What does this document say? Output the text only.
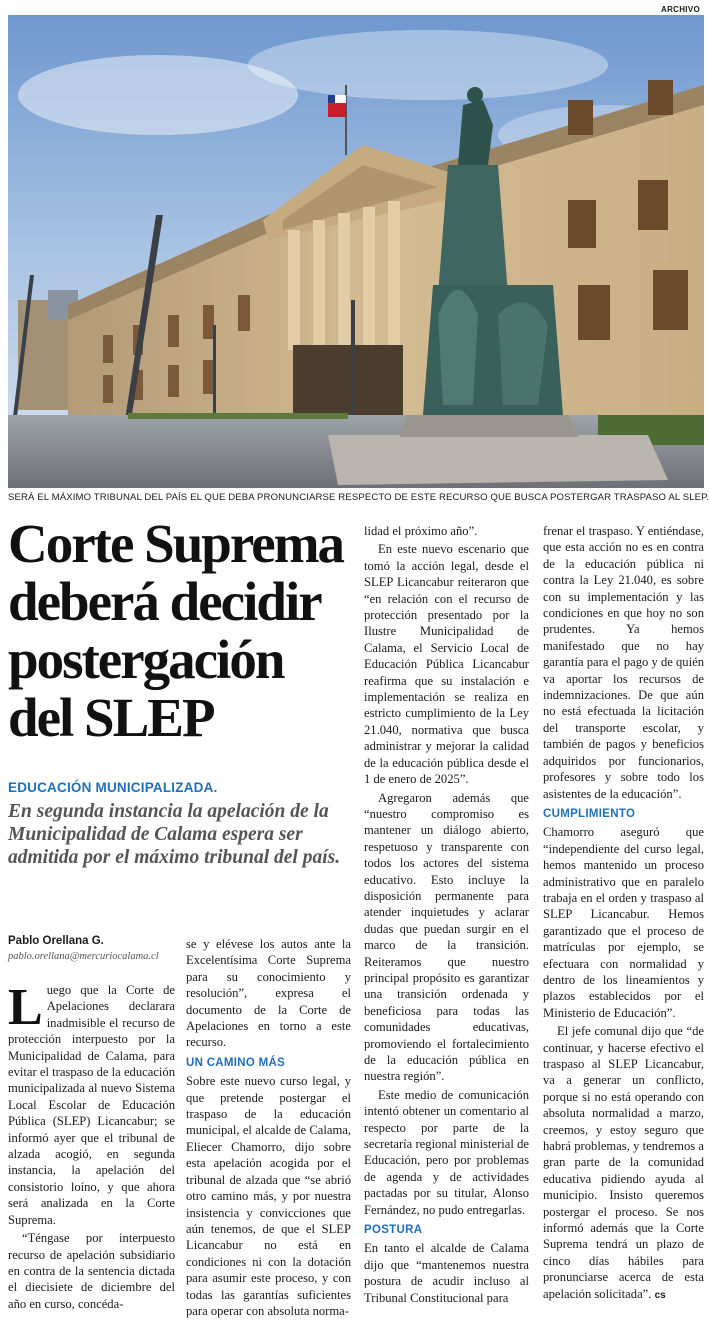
ARCHIVO
SERÁ EL MÁXIMO TRIBUNAL DEL PAÍS EL QUE DEBA PRONUNCIARSE RESPECTO DE ESTE RECURSO QUE BUSCA POSTERGAR TRASPASO AL SLEP.
Corte Suprema deberá decidir postergación del SLEP
EDUCACIÓN MUNICIPALIZADA.
En segunda instancia la apelación de la Municipalidad de Calama espera ser admitida por el máximo tribunal del país.
Pablo Orellana G.
pablo.orellana@mercuriocalama.cl

Luego que la Corte de Apelaciones declarara inadmisible el recurso de protección interpuesto por la Municipalidad de Calama, para evitar el traspaso de la educación municipalizada al nuevo Sistema Local Escolar de Educación Pública (SLEP) Licancabur; se informó ayer que el tribunal de alzada acogió, en segunda instancia, la apelación del consistorio loíno, y que ahora será analizada en la Corte Suprema.

“Téngase por interpuesto recurso de apelación subsidiario en contra de la sentencia dictada el diecisiete de diciembre del año en curso, concéda-

se y elévese los autos ante la Excelentísima Corte Suprema para su conocimiento y resolución”, expresa el documento de la Corte de Apelaciones en torno a este recurso.

UN CAMINO MÁS

Sobre este nuevo curso legal, y que pretende postergar el traspaso de la educación municipal, el alcalde de Calama, Eliecer Chamorro, dijo sobre esta apelación acogida por el tribunal de alzada que “se abrió otro camino más, y por nuestra insistencia y convicciones que aún tenemos, de que el SLEP Licancabur no está en condiciones ni con la dotación para asumir este proceso, y con todas las garantías suficientes para operar con absoluta norma-

lidad el próximo año”.

En este nuevo escenario que tomó la acción legal, desde el SLEP Licancabur reiteraron que “en relación con el recurso de protección presentado por la Ilustre Municipalidad de Calama, el Servicio Local de Educación Pública Licancabur reafirma que su instalación e implementación se realiza en estricto cumplimiento de la Ley 21.040, normativa que busca administrar y mejorar la calidad de la educación pública desde el 1 de enero de 2025”.

Agregaron además que “nuestro compromiso es mantener un diálogo abierto, respetuoso y transparente con todos los actores del sistema educativo. Esto incluye la disposición permanente para atender inquietudes y aclarar dudas que puedan surgir en el marco de la transición. Reiteramos que nuestro principal propósito es garantizar una transición ordenada y beneficiosa para todas las comunidades educativas, promoviendo el fortalecimiento de la educación pública en nuestra región”.

Este medio de comunicación intentó obtener un comentario al respecto por parte de la secretaría regional ministerial de Educación, pero por problemas de agenda y de actividades pactadas por su titular, Alonso Fernández, no pudo entregarlas.

POSTURA

En tanto el alcalde de Calama dijo que “mantenemos nuestra postura de acudir incluso al Tribunal Constitucional para

frenar el traspaso. Y entiéndase, que esta acción no es en contra de la educación pública ni contra la Ley 21.040, es sobre con su implementación y las condiciones en que hoy no son prudentes. Ya hemos manifestado que no hay garantía para el pago y de quién va aportar los recursos de indemnizaciones. De que aún no está efectuada la licitación del transporte escolar, y también de pagos y beneficios adquiridos por funcionarios, profesores y sobre todo los asistentes de la educación”.

CUMPLIMIENTO

Chamorro aseguró que “independiente del curso legal, hemos mantenido un proceso administrativo que en paralelo trabaja en el orden y traspaso al SLEP Licancabur. Hemos garantizado que el proceso de matrículas por ejemplo, se efectuara con normalidad y dentro de los lineamientos y plazos establecidos por el Ministerio de Educación”.

El jefe comunal dijo que “de continuar, y hacerse efectivo el traspaso al SLEP Licancabur, va a generar un conflicto, porque si no está operando con absoluta normalidad a marzo, creemos, y estoy seguro que habrá problemas, y tendremos a gran parte de la comunidad educativa pidiendo ayuda al municipio. Insisto queremos postergar el proceso. Se nos informó además que la Corte Suprema tendrá un plazo de cinco días hábiles para pronunciarse acerca de esta apelación solicitada”. cs
